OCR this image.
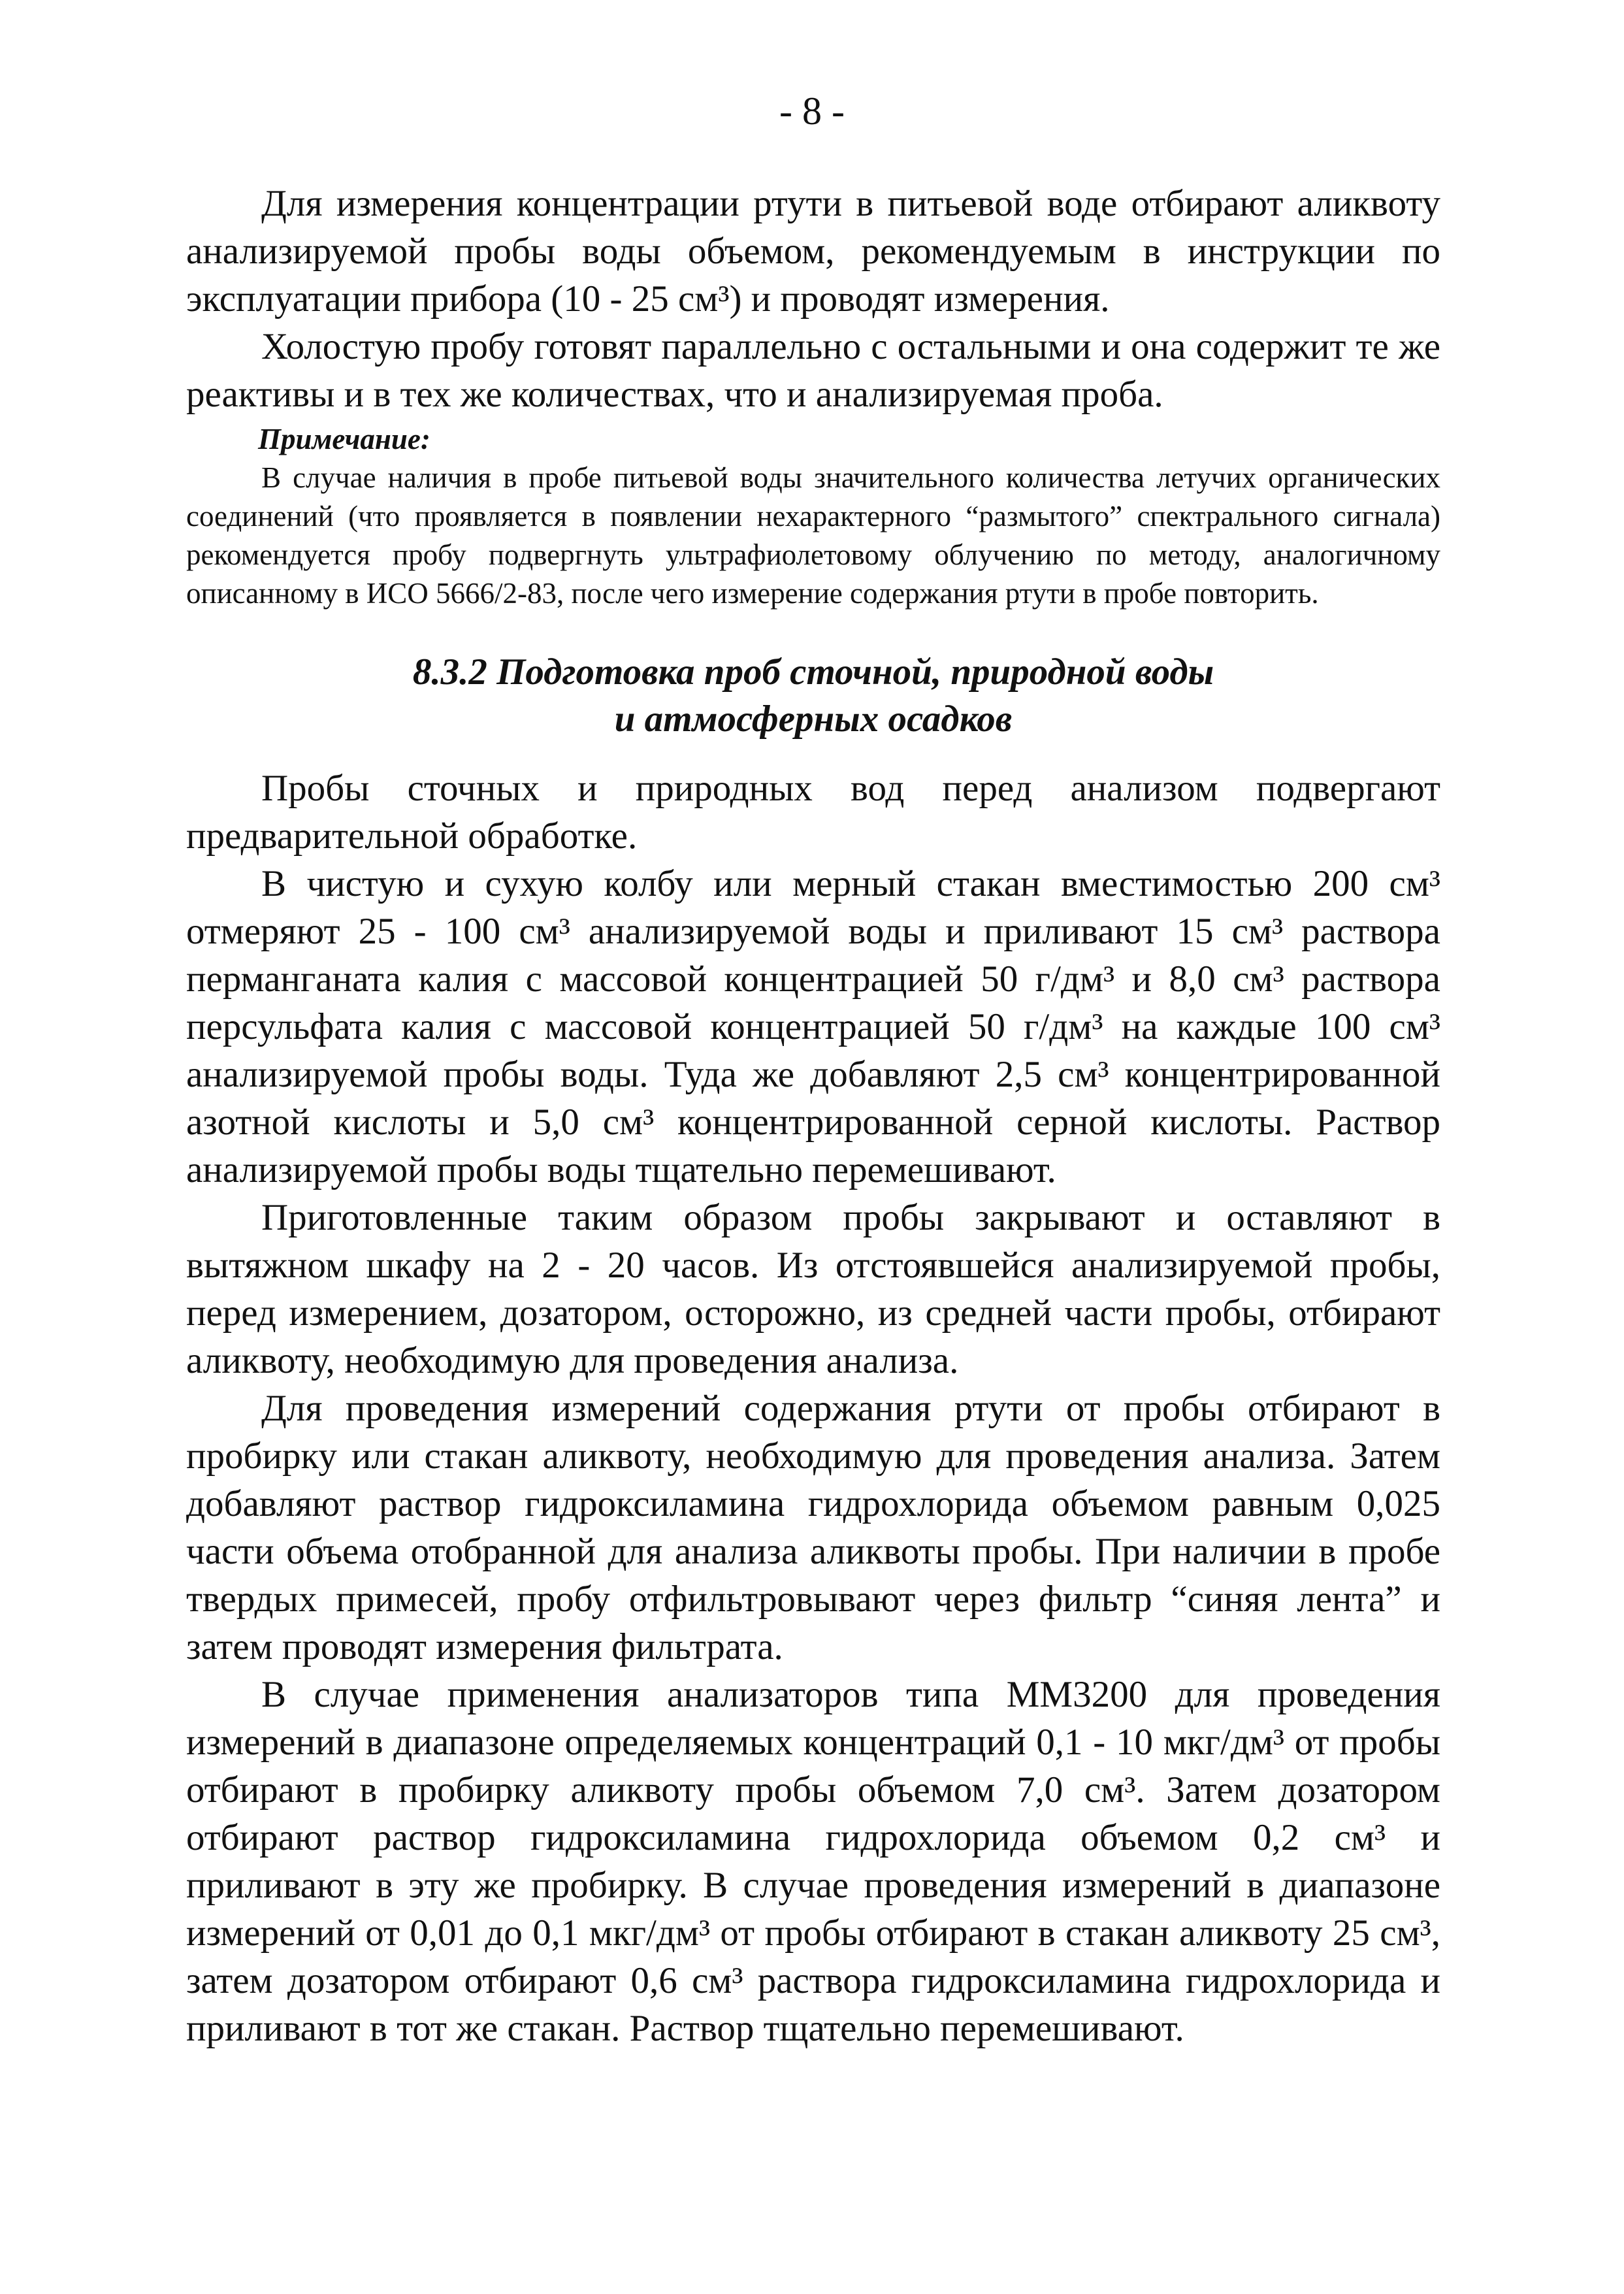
- 8 -

Для измерения концентрации ртути в питьевой воде отбирают аликвоту анализируемой пробы воды объемом, рекомендуемым в инструкции по эксплуатации прибора (10 - 25 см³) и проводят измерения.

Холостую пробу готовят параллельно с остальными и она содержит те же реактивы и в тех же количествах, что и анализируемая проба.

Примечание:

В случае наличия в пробе питьевой воды значительного количества летучих органических соединений (что проявляется в появлении нехарактерного “размытого” спектрального сигнала) рекомендуется пробу подвергнуть ультрафиолетовому облучению по методу, аналогичному описанному в ИСО 5666/2-83, после чего измерение содержания ртути в пробе повторить.

8.3.2 Подготовка проб сточной, природной воды
и атмосферных осадков

Пробы сточных и природных вод перед анализом подвергают предварительной обработке.

В чистую и сухую колбу или мерный стакан вместимостью 200 см³ отмеряют 25 - 100 см³ анализируемой воды и приливают 15 см³ раствора перманганата калия с массовой концентрацией 50 г/дм³ и 8,0 см³ раствора персульфата калия с массовой концентрацией 50 г/дм³ на каждые 100 см³ анализируемой пробы воды. Туда же добавляют 2,5 см³ концентрированной азотной кислоты и 5,0 см³ концентрированной серной кислоты. Раствор анализируемой пробы воды тщательно перемешивают.

Приготовленные таким образом пробы закрывают и оставляют в вытяжном шкафу на 2 - 20 часов. Из отстоявшейся анализируемой пробы, перед измерением, дозатором, осторожно, из средней части пробы, отбирают аликвоту, необходимую для проведения анализа.

Для проведения измерений содержания ртути от пробы отбирают в пробирку или стакан аликвоту, необходимую для проведения анализа. Затем добавляют раствор гидроксиламина гидрохлорида объемом равным 0,025 части объема отобранной для анализа аликвоты пробы. При наличии в пробе твердых примесей, пробу отфильтровывают через фильтр “синяя лента” и затем проводят измерения фильтрата.

В случае применения анализаторов типа ММ3200 для проведения измерений в диапазоне определяемых концентраций 0,1 - 10 мкг/дм³ от пробы отбирают в пробирку аликвоту пробы объемом 7,0 см³. Затем дозатором отбирают раствор гидроксиламина гидрохлорида объемом 0,2 см³ и приливают в эту же пробирку. В случае проведения измерений в диапазоне измерений от 0,01 до 0,1 мкг/дм³ от пробы отбирают в стакан аликвоту 25 см³, затем дозатором отбирают 0,6 см³ раствора гидроксиламина гидрохлорида и приливают в тот же стакан. Раствор тщательно перемешивают.
